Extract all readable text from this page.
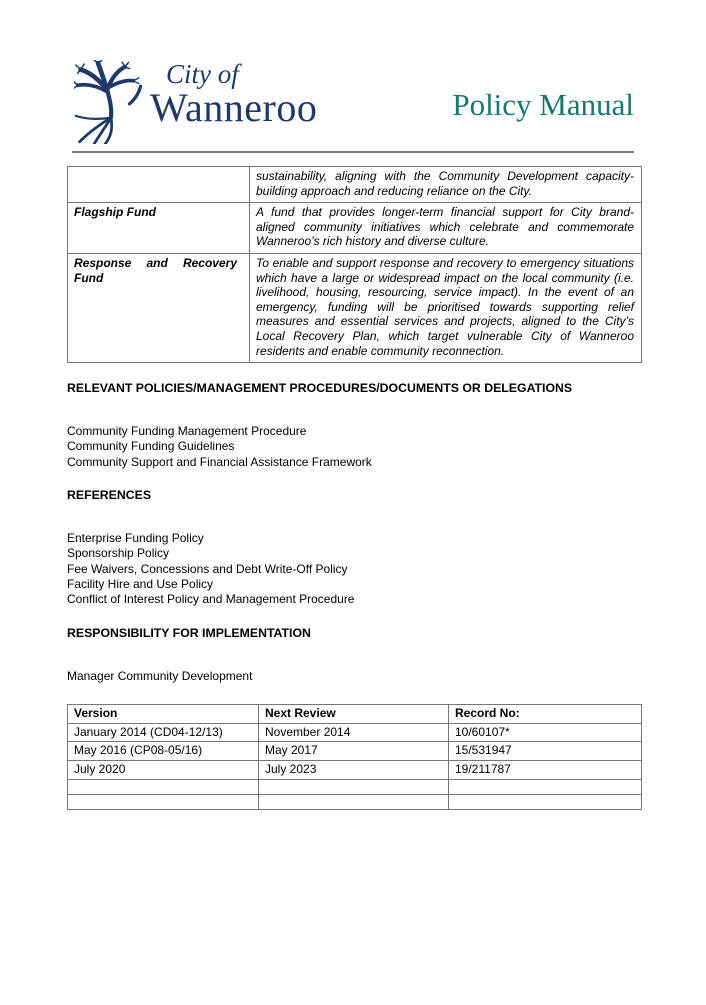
City of
Wanneroo	Policy Manual
	sustainability, aligning with the Community Development capacity-building approach and reducing reliance on the City.
Flagship Fund	A fund that provides longer-term financial support for City brand-aligned community initiatives which celebrate and commemorate Wanneroo’s rich history and diverse culture.
Response and Recovery Fund	To enable and support response and recovery to emergency situations which have a large or widespread impact on the local community (i.e. livelihood, housing, resourcing, service impact). In the event of an emergency, funding will be prioritised towards supporting relief measures and essential services and projects, aligned to the City’s Local Recovery Plan, which target vulnerable City of Wanneroo residents and enable community reconnection.
RELEVANT POLICIES/MANAGEMENT PROCEDURES/DOCUMENTS OR DELEGATIONS
Community Funding Management Procedure
Community Funding Guidelines
Community Support and Financial Assistance Framework
REFERENCES
Enterprise Funding Policy
Sponsorship Policy
Fee Waivers, Concessions and Debt Write-Off Policy
Facility Hire and Use Policy
Conflict of Interest Policy and Management Procedure
RESPONSIBILITY FOR IMPLEMENTATION
Manager Community Development
Version	Next Review	Record No:
January 2014 (CD04-12/13)	November 2014	10/60107*
May 2016 (CP08-05/16)	May 2017	15/531947
July 2020	July 2023	19/211787
